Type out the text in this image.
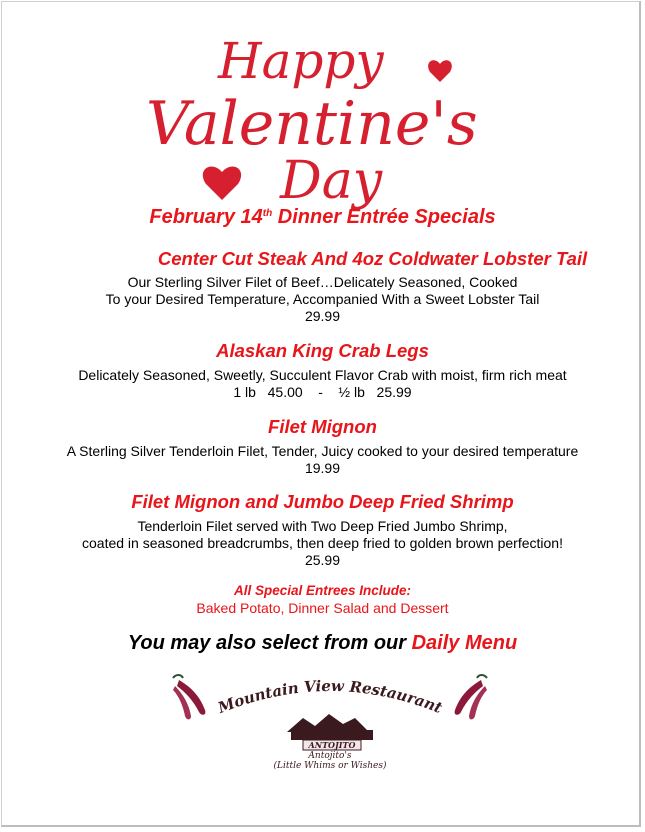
Happy
Valentine's
Day
February 14th Dinner Entrée Specials
Center Cut Steak And 4oz Coldwater Lobster Tail
Our Sterling Silver Filet of Beef…Delicately Seasoned, Cooked
To your Desired Temperature, Accompanied With a Sweet Lobster Tail
29.99
Alaskan King Crab Legs
Delicately Seasoned, Sweetly, Succulent Flavor Crab with moist, firm rich meat
1 lb   45.00    -    ½ lb   25.99
Filet Mignon
A Sterling Silver Tenderloin Filet, Tender, Juicy cooked to your desired temperature
19.99
Filet Mignon and Jumbo Deep Fried Shrimp
Tenderloin Filet served with Two Deep Fried Jumbo Shrimp,
coated in seasoned breadcrumbs, then deep fried to golden brown perfection!
25.99
All Special Entrees Include:
Baked Potato, Dinner Salad and Dessert
You may also select from our Daily Menu
Mountain View Restaurant
ANTOJITO
Antojito's
(Little Whims or Wishes)
